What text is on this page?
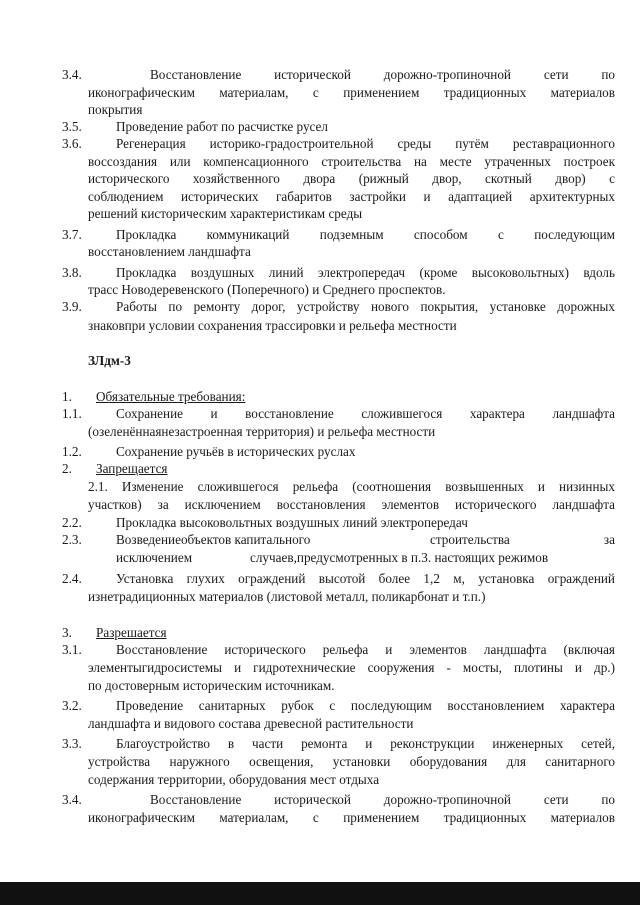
3.4.	Восстановление исторической дорожно-тропиночной сети по
иконографическим материалам, с применением традиционных материалов
покрытия
3.5.	Проведение работ по расчистке русел
3.6.	Регенерация историко-градостроительной среды путём реставрационного
воссоздания или компенсационного строительства на месте утраченных построек
исторического хозяйственного двора (рижный двор, скотный двор) с
соблюдением исторических габаритов застройки и адаптацией архитектурных
решений кисторическим характеристикам среды
3.7.	Прокладка коммуникаций подземным способом с последующим
восстановлением ландшафта
3.8.	Прокладка воздушных линий электропередач (кроме высоковольтных) вдоль
трасс Новодеревенского (Поперечного) и Среднего проспектов.
3.9.	Работы по ремонту дорог, устройству нового покрытия, установке дорожных
знаковпри условии сохранения трассировки и рельефа местности
ЗЛдм-3
1. Обязательные требования:
1.1.	Сохранение и восстановление сложившегося характера ландшафта
(озеленённаянезастроенная территория) и рельефа местности
1.2.	Сохранение ручьёв в исторических руслах
2. Запрещается
2.1. Изменение сложившегося рельефа (соотношения возвышенных и низинных
участков) за исключением восстановления элементов исторического ландшафта
2.2.	Прокладка высоковольтных воздушных линий электропередач
2.3.	Возведениеобъектов капитального	строительства за
исключением	случаев,предусмотренных в п.3. настоящих режимов
2.4.	Установка глухих ограждений высотой более 1,2 м, установка ограждений
изнетрадиционных материалов (листовой металл, поликарбонат и т.п.)
3. Разрешается
3.1.	Восстановление исторического рельефа и элементов ландшафта (включая
элементыгидросистемы и гидротехнические сооружения - мосты, плотины и др.)
по достоверным историческим источникам.
3.2.	Проведение санитарных рубок с последующим восстановлением характера
ландшафта и видового состава древесной растительности
3.3.	Благоустройство в части ремонта и реконструкции инженерных сетей,
устройства наружного освещения, установки оборудования для санитарного
содержания территории, оборудования мест отдыха
3.4.	Восстановление исторической дорожно-тропиночной сети по
иконографическим материалам, с применением традиционных материалов
